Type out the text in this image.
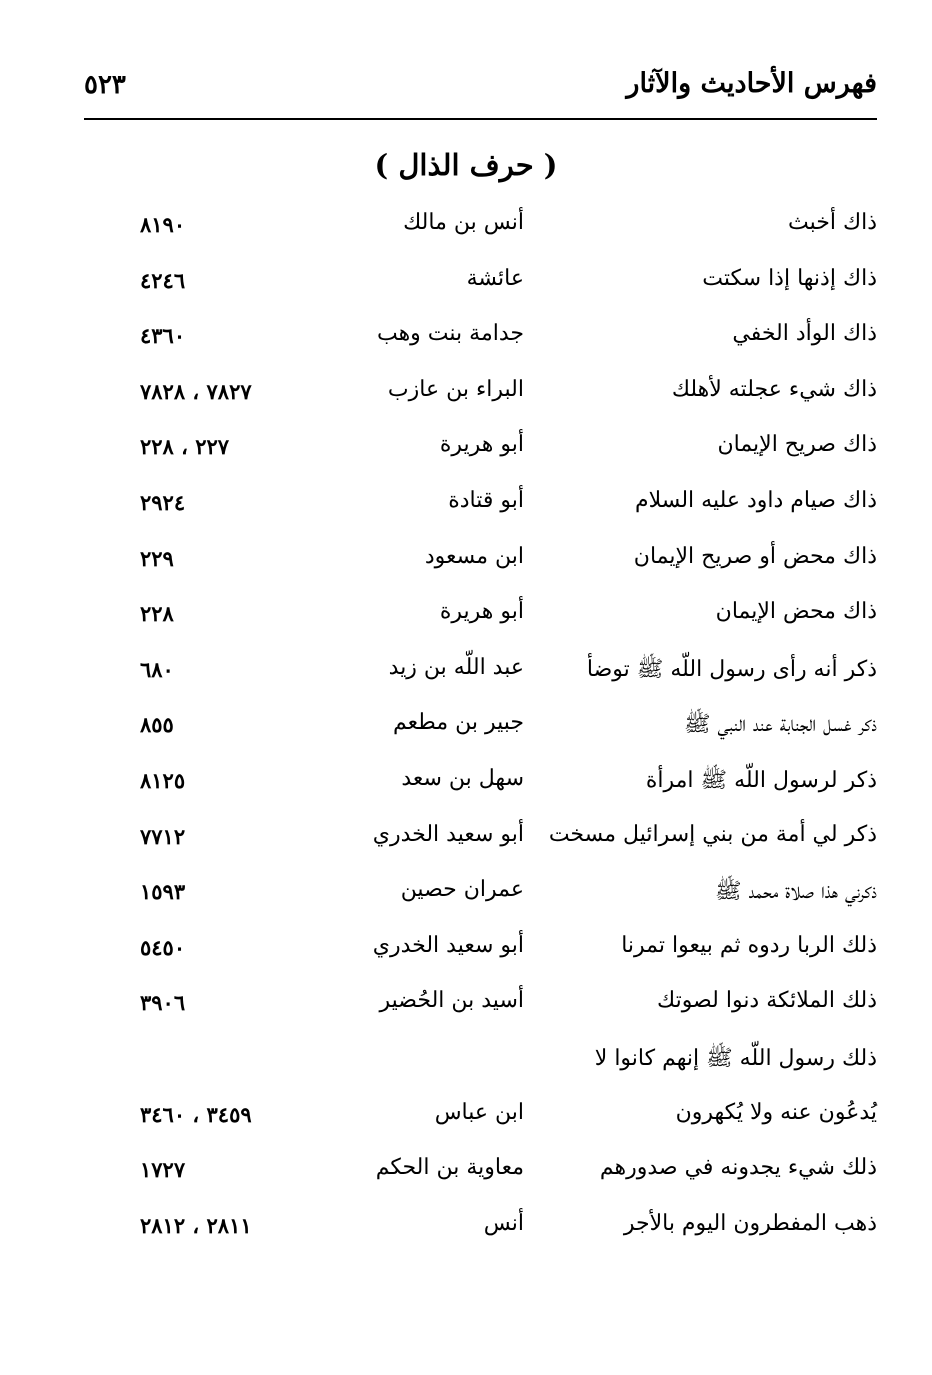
فهرس الأحاديث والآثار
٥٢٣
( حرف الذال )
ذاك أخبث
أنس بن مالك
٨١٩٠
ذاك إذنها إذا سكتت
عائشة
٤٢٤٦
ذاك الوأد الخفي
جدامة بنت وهب
٤٣٦٠
ذاك شيء عجلته لأهلك
البراء بن عازب
٧٨٢٧ ، ٧٨٢٨
ذاك صريح الإيمان
أبو هريرة
٢٢٧ ، ٢٢٨
ذاك صيام داود عليه السلام
أبو قتادة
٢٩٢٤
ذاك محض أو صريح الإيمان
ابن مسعود
٢٢٩
ذاك محض الإيمان
أبو هريرة
٢٢٨
ذكر أنه رأى رسول اللّه ﷺ توضأ
عبد اللّه بن زيد
٦٨٠
ذكر غسل الجنابة عند النبي ﷺ
جبير بن مطعم
٨٥٥
ذكر لرسول اللّه ﷺ امرأة
سهل بن سعد
٨١٢٥
ذكر لي أمة من بني إسرائيل مسخت
أبو سعيد الخدري
٧٧١٢
ذكرني هذا صلاة محمد ﷺ
عمران حصين
١٥٩٣
ذلك الربا ردوه ثم بيعوا تمرنا
أبو سعيد الخدري
٥٤٥٠
ذلك الملائكة دنوا لصوتك
أسيد بن الحُضير
٣٩٠٦
ذلك رسول اللّه ﷺ إنهم كانوا لا
يُدعُون عنه ولا يُكهرون
ابن عباس
٣٤٥٩ ، ٣٤٦٠
ذلك شيء يجدونه في صدورهم
معاوية بن الحكم
١٧٢٧
ذهب المفطرون اليوم بالأجر
أنس
٢٨١١ ، ٢٨١٢
